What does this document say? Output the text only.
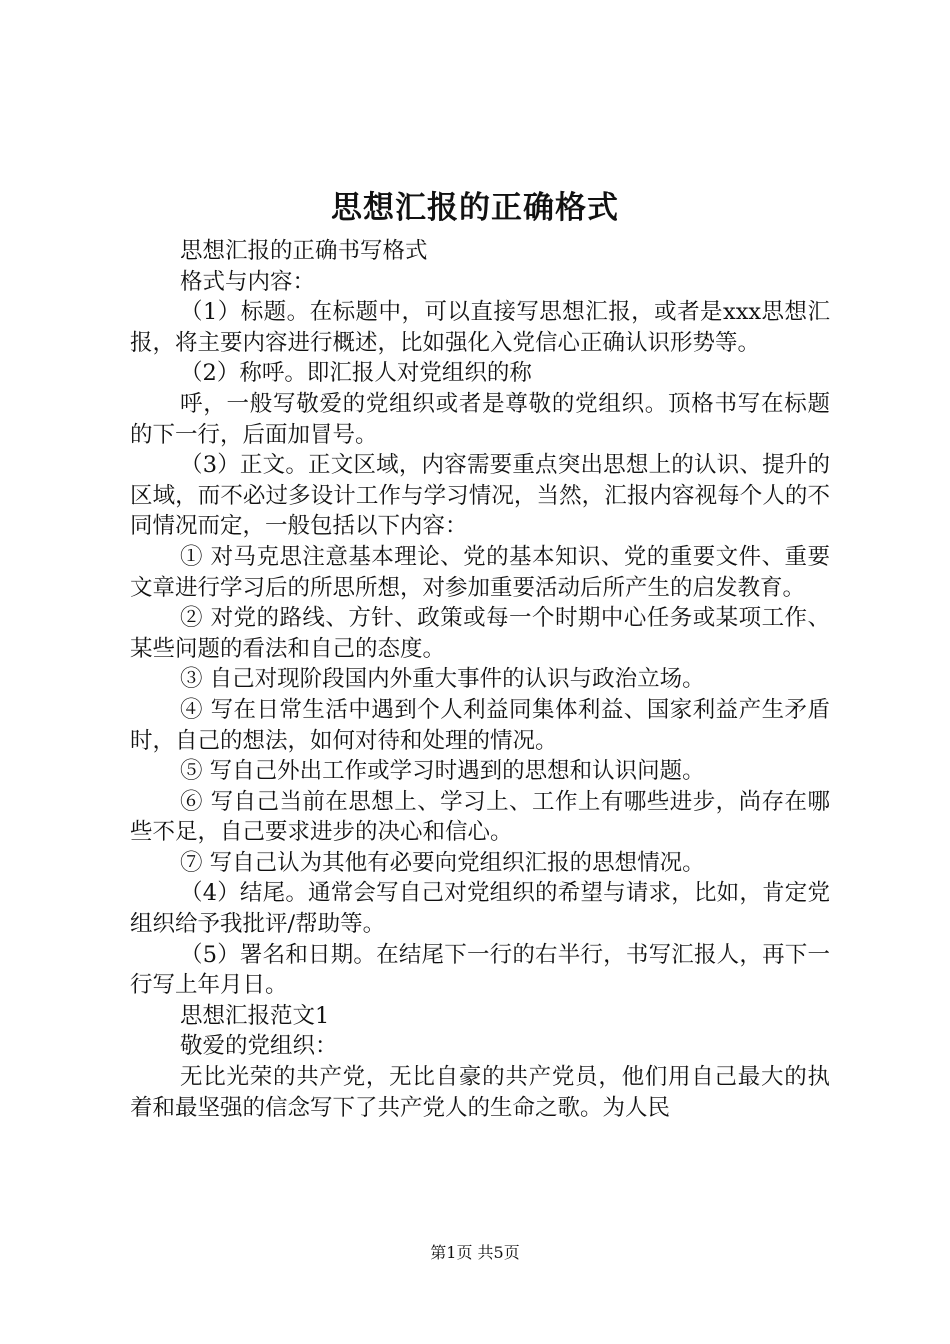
思想汇报的正确格式

思想汇报的正确书写格式

格式与内容：

（1）标题。在标题中，可以直接写思想汇报，或者是xxx思想汇报，将主要内容进行概述，比如强化入党信心正确认识形势等。

（2）称呼。即汇报人对党组织的称

呼，一般写敬爱的党组织或者是尊敬的党组织。顶格书写在标题的下一行，后面加冒号。

（3）正文。正文区域，内容需要重点突出思想上的认识、提升的区域，而不必过多设计工作与学习情况，当然，汇报内容视每个人的不同情况而定，一般包括以下内容：

① 对马克思注意基本理论、党的基本知识、党的重要文件、重要文章进行学习后的所思所想，对参加重要活动后所产生的启发教育。

② 对党的路线、方针、政策或每一个时期中心任务或某项工作、某些问题的看法和自己的态度。

③ 自己对现阶段国内外重大事件的认识与政治立场。

④ 写在日常生活中遇到个人利益同集体利益、国家利益产生矛盾时，自己的想法，如何对待和处理的情况。

⑤ 写自己外出工作或学习时遇到的思想和认识问题。

⑥ 写自己当前在思想上、学习上、工作上有哪些进步，尚存在哪些不足，自己要求进步的决心和信心。

⑦ 写自己认为其他有必要向党组织汇报的思想情况。

（4）结尾。通常会写自己对党组织的希望与请求，比如，肯定党组织给予我批评/帮助等。

（5）署名和日期。在结尾下一行的右半行，书写汇报人，再下一行写上年月日。

思想汇报范文1

敬爱的党组织：

无比光荣的共产党，无比自豪的共产党员，他们用自己最大的执着和最坚强的信念写下了共产党人的生命之歌。为人民

第1页 共5页
